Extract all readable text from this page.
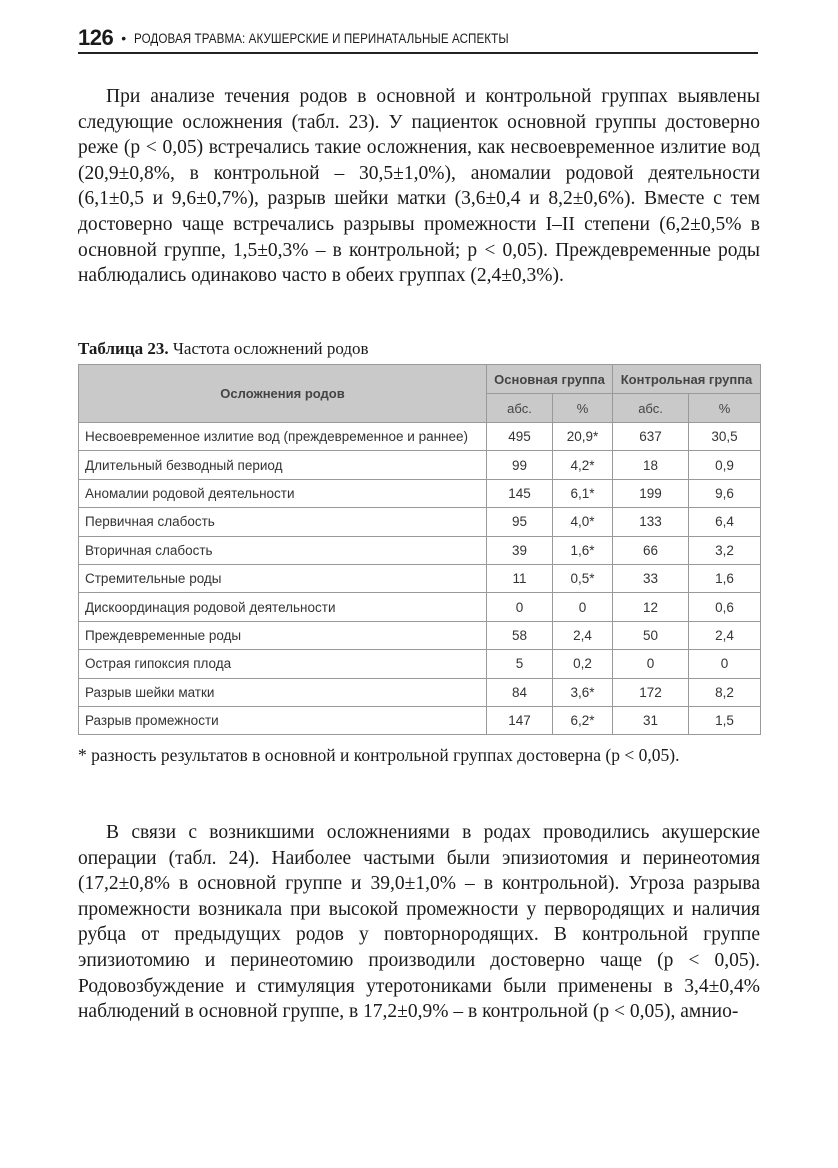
126 • РОДОВАЯ ТРАВМА: АКУШЕРСКИЕ И ПЕРИНАТАЛЬНЫЕ АСПЕКТЫ

При анализе течения родов в основной и контрольной группах выявлены следующие осложнения (табл. 23). У пациенток основной группы достоверно реже (р < 0,05) встречались такие осложнения, как несвоевременное излитие вод (20,9±0,8%, в контрольной – 30,5±1,0%), аномалии родовой деятельности (6,1±0,5 и 9,6±0,7%), разрыв шейки матки (3,6±0,4 и 8,2±0,6%). Вместе с тем достоверно чаще встречались разрывы промежности I–II степени (6,2±0,5% в основной группе, 1,5±0,3% – в контрольной; р < 0,05). Преждевременные роды наблюдались одинаково часто в обеих группах (2,4±0,3%).

Таблица 23. Частота осложнений родов

Осложнения родов	Основная группа		Контрольная группа	
	абс.	%	абс.	%
Несвоевременное излитие вод (преждевременное и раннее)	495	20,9*	637	30,5
Длительный безводный период	99	4,2*	18	0,9
Аномалии родовой деятельности	145	6,1*	199	9,6
Первичная слабость	95	4,0*	133	6,4
Вторичная слабость	39	1,6*	66	3,2
Стремительные роды	11	0,5*	33	1,6
Дискоординация родовой деятельности	0	0	12	0,6
Преждевременные роды	58	2,4	50	2,4
Острая гипоксия плода	5	0,2	0	0
Разрыв шейки матки	84	3,6*	172	8,2
Разрыв промежности	147	6,2*	31	1,5

* разность результатов в основной и контрольной группах достоверна (р < 0,05).

В связи с возникшими осложнениями в родах проводились акушерские операции (табл. 24). Наиболее частыми были эпизиотомия и перинеотомия (17,2±0,8% в основной группе и 39,0±1,0% – в контрольной). Угроза разрыва промежности возникала при высокой промежности у первородящих и наличия рубца от предыдущих родов у повторнородящих. В контрольной группе эпизиотомию и перинеотомию производили достоверно чаще (р < 0,05). Родовозбуждение и стимуляция утеротониками были применены в 3,4±0,4% наблюдений в основной группе, в 17,2±0,9% – в контрольной (р < 0,05), амнио-
